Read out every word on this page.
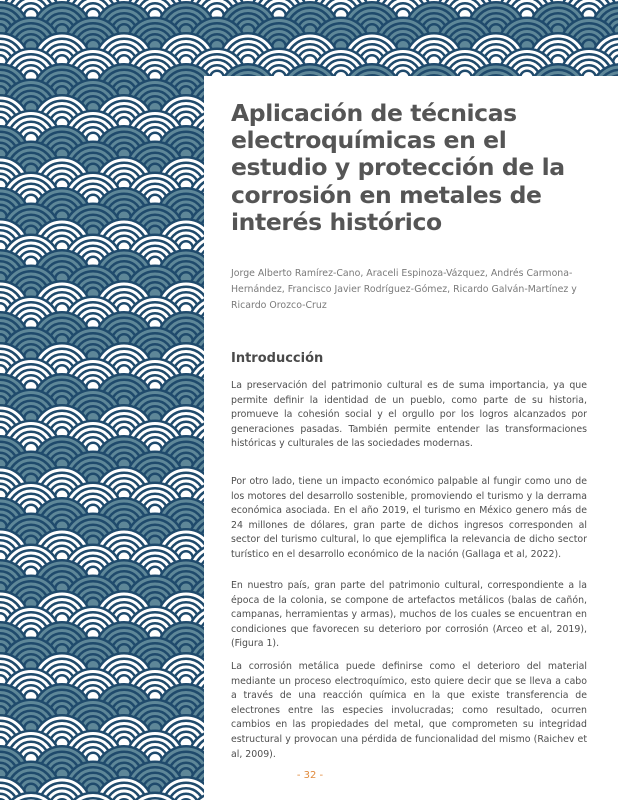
Aplicación de técnicas electroquímicas en el estudio y protección de la corrosión en metales de interés histórico

Jorge Alberto Ramírez-Cano, Araceli Espinoza-Vázquez, Andrés Carmona-Hernández, Francisco Javier Rodríguez-Gómez, Ricardo Galván-Martínez y Ricardo Orozco-Cruz

Introducción

La preservación del patrimonio cultural es de suma importancia, ya que permite definir la identidad de un pueblo, como parte de su historia, promueve la cohesión social y el orgullo por los logros alcanzados por generaciones pasadas. También permite entender las transformaciones históricas y culturales de las sociedades modernas.

Por otro lado, tiene un impacto económico palpable al fungir como uno de los motores del desarrollo sostenible, promoviendo el turismo y la derrama económica asociada. En el año 2019, el turismo en México genero más de 24 millones de dólares, gran parte de dichos ingresos corresponden al sector del turismo cultural, lo que ejemplifica la relevancia de dicho sector turístico en el desarrollo económico de la nación (Gallaga et al, 2022).

En nuestro país, gran parte del patrimonio cultural, correspondiente a la época de la colonia, se compone de artefactos metálicos (balas de cañón, campanas, herramientas y armas), muchos de los cuales se encuentran en condiciones que favorecen su deterioro por corrosión (Arceo et al, 2019), (Figura 1).

La corrosión metálica puede definirse como el deterioro del material mediante un proceso electroquímico, esto quiere decir que se lleva a cabo a través de una reacción química en la que existe transferencia de electrones entre las especies involucradas; como resultado, ocurren cambios en las propiedades del metal, que comprometen su integridad estructural y provocan una pérdida de funcionalidad del mismo (Raichev et al, 2009).

- 32 -
